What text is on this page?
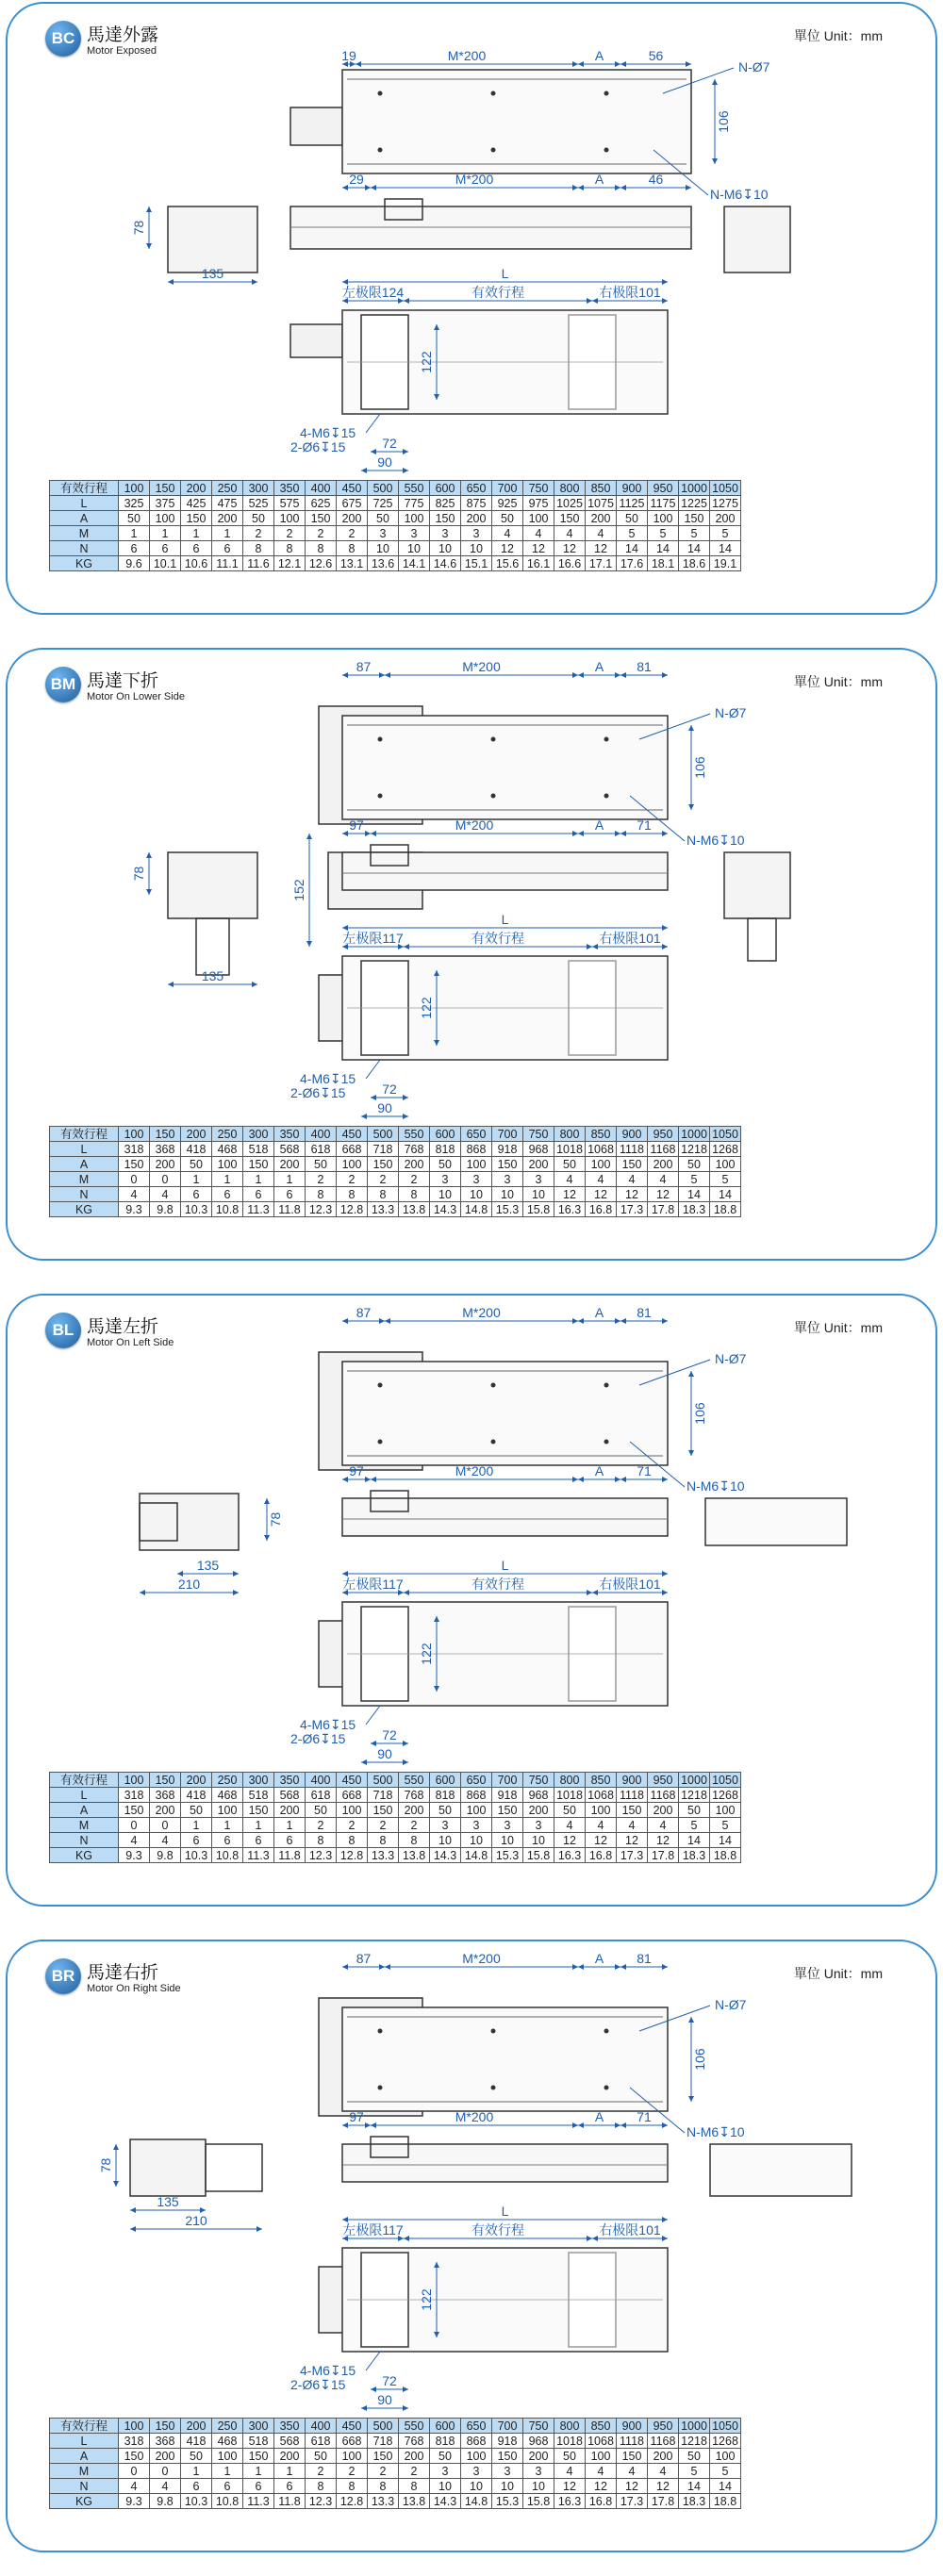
BC 馬達外露
Motor Exposed
單位 Unit：mm
19	M*200	A	56
N-Ø7
106
29	M*200	A	46
N-M6↧10
78
135	L
左极限124	有效行程	右极限101
122
4-M6↧15
2-Ø6↧15	72
90
有效行程	100	150	200	250	300	350	400	450	500	550	600	650	700	750	800	850	900	950	1000	1050
L	325	375	425	475	525	575	625	675	725	775	825	875	925	975	1025	1075	1125	1175	1225	1275
A	50	100	150	200	50	100	150	200	50	100	150	200	50	100	150	200	50	100	150	200
M	1	1	1	1	2	2	2	2	3	3	3	3	4	4	4	4	5	5	5	5
N	6	6	6	6	8	8	8	8	10	10	10	10	12	12	12	12	14	14	14	14
KG	9.6	10.1	10.6	11.1	11.6	12.1	12.6	13.1	13.6	14.1	14.6	15.1	15.6	16.1	16.6	17.1	17.6	18.1	18.6	19.1
BM 馬達下折
Motor On Lower Side
單位 Unit：mm
87	M*200	A	81
N-Ø7
106
97	M*200	A	71
N-M6↧10
152
78
135
L
左极限117	有效行程	右极限101
122
4-M6↧15
2-Ø6↧15	72
90
有效行程	100	150	200	250	300	350	400	450	500	550	600	650	700	750	800	850	900	950	1000	1050
L	318	368	418	468	518	568	618	668	718	768	818	868	918	968	1018	1068	1118	1168	1218	1268
A	150	200	50	100	150	200	50	100	150	200	50	100	150	200	50	100	150	200	50	100
M	0	0	1	1	1	1	2	2	2	2	3	3	3	3	4	4	4	4	5	5
N	4	4	6	6	6	6	8	8	8	8	10	10	10	10	12	12	12	12	14	14
KG	9.3	9.8	10.3	10.8	11.3	11.8	12.3	12.8	13.3	13.8	14.3	14.8	15.3	15.8	16.3	16.8	17.3	17.8	18.3	18.8
BL 馬達左折
Motor On Left Side
單位 Unit：mm
87	M*200	A	81
N-Ø7
106
97	M*200	A	71
N-M6↧10
78
135
210
L
左极限117	有效行程	右极限101
122
4-M6↧15
2-Ø6↧15	72
90
有效行程	100	150	200	250	300	350	400	450	500	550	600	650	700	750	800	850	900	950	1000	1050
L	318	368	418	468	518	568	618	668	718	768	818	868	918	968	1018	1068	1118	1168	1218	1268
A	150	200	50	100	150	200	50	100	150	200	50	100	150	200	50	100	150	200	50	100
M	0	0	1	1	1	1	2	2	2	2	3	3	3	3	4	4	4	4	5	5
N	4	4	6	6	6	6	8	8	8	8	10	10	10	10	12	12	12	12	14	14
KG	9.3	9.8	10.3	10.8	11.3	11.8	12.3	12.8	13.3	13.8	14.3	14.8	15.3	15.8	16.3	16.8	17.3	17.8	18.3	18.8
BR 馬達右折
Motor On Right Side
單位 Unit：mm
87	M*200	A	81
N-Ø7
106
97	M*200	A	71
N-M6↧10
78
135
210
L
左极限117	有效行程	右极限101
122
4-M6↧15
2-Ø6↧15	72
90
有效行程	100	150	200	250	300	350	400	450	500	550	600	650	700	750	800	850	900	950	1000	1050
L	318	368	418	468	518	568	618	668	718	768	818	868	918	968	1018	1068	1118	1168	1218	1268
A	150	200	50	100	150	200	50	100	150	200	50	100	150	200	50	100	150	200	50	100
M	0	0	1	1	1	1	2	2	2	2	3	3	3	3	4	4	4	4	5	5
N	4	4	6	6	6	6	8	8	8	8	10	10	10	10	12	12	12	12	14	14
KG	9.3	9.8	10.3	10.8	11.3	11.8	12.3	12.8	13.3	13.8	14.3	14.8	15.3	15.8	16.3	16.8	17.3	17.8	18.3	18.8
